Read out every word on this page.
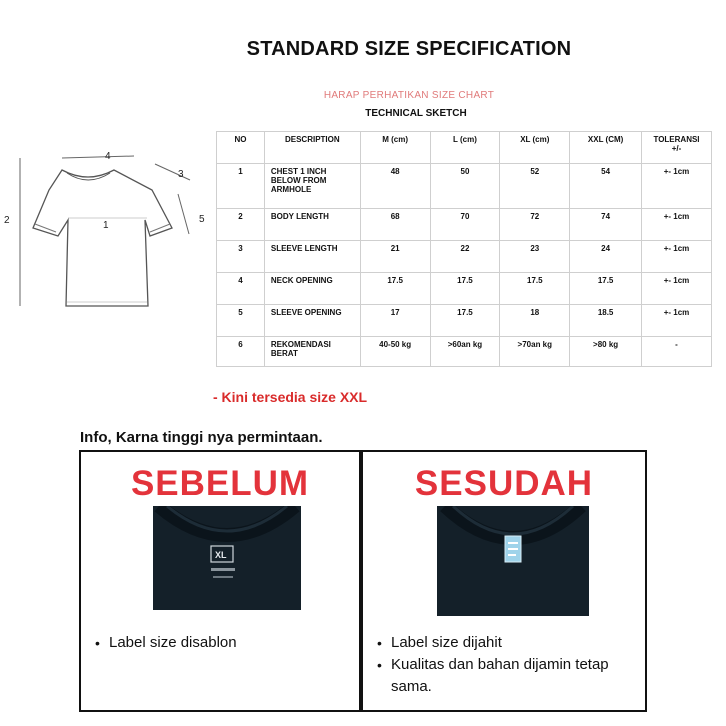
STANDARD SIZE SPECIFICATION
HARAP PERHATIKAN SIZE CHART
TECHNICAL SKETCH
2	1
3
4
5
NO	DESCRIPTION	M (cm)	L (cm)	XL (cm)	XXL (CM)	TOLERANSI +/-
1	CHEST 1 INCH BELOW FROM ARMHOLE	48	50	52	54	+- 1cm
2	BODY LENGTH	68	70	72	74	+- 1cm
3	SLEEVE LENGTH	21	22	23	24	+- 1cm
4	NECK OPENING	17.5	17.5	17.5	17.5	+- 1cm
5	SLEEVE OPENING	17	17.5	18	18.5	+- 1cm
6	REKOMENDASI BERAT	40-50 kg	>60an kg	>70an kg	>80 kg	-
- Kini tersedia size XXL
Info, Karna tinggi nya permintaan.
SEBELUM
XL
• Label size disablon
SESUDAH
• Label size dijahit
• Kualitas dan bahan dijamin tetap sama.
